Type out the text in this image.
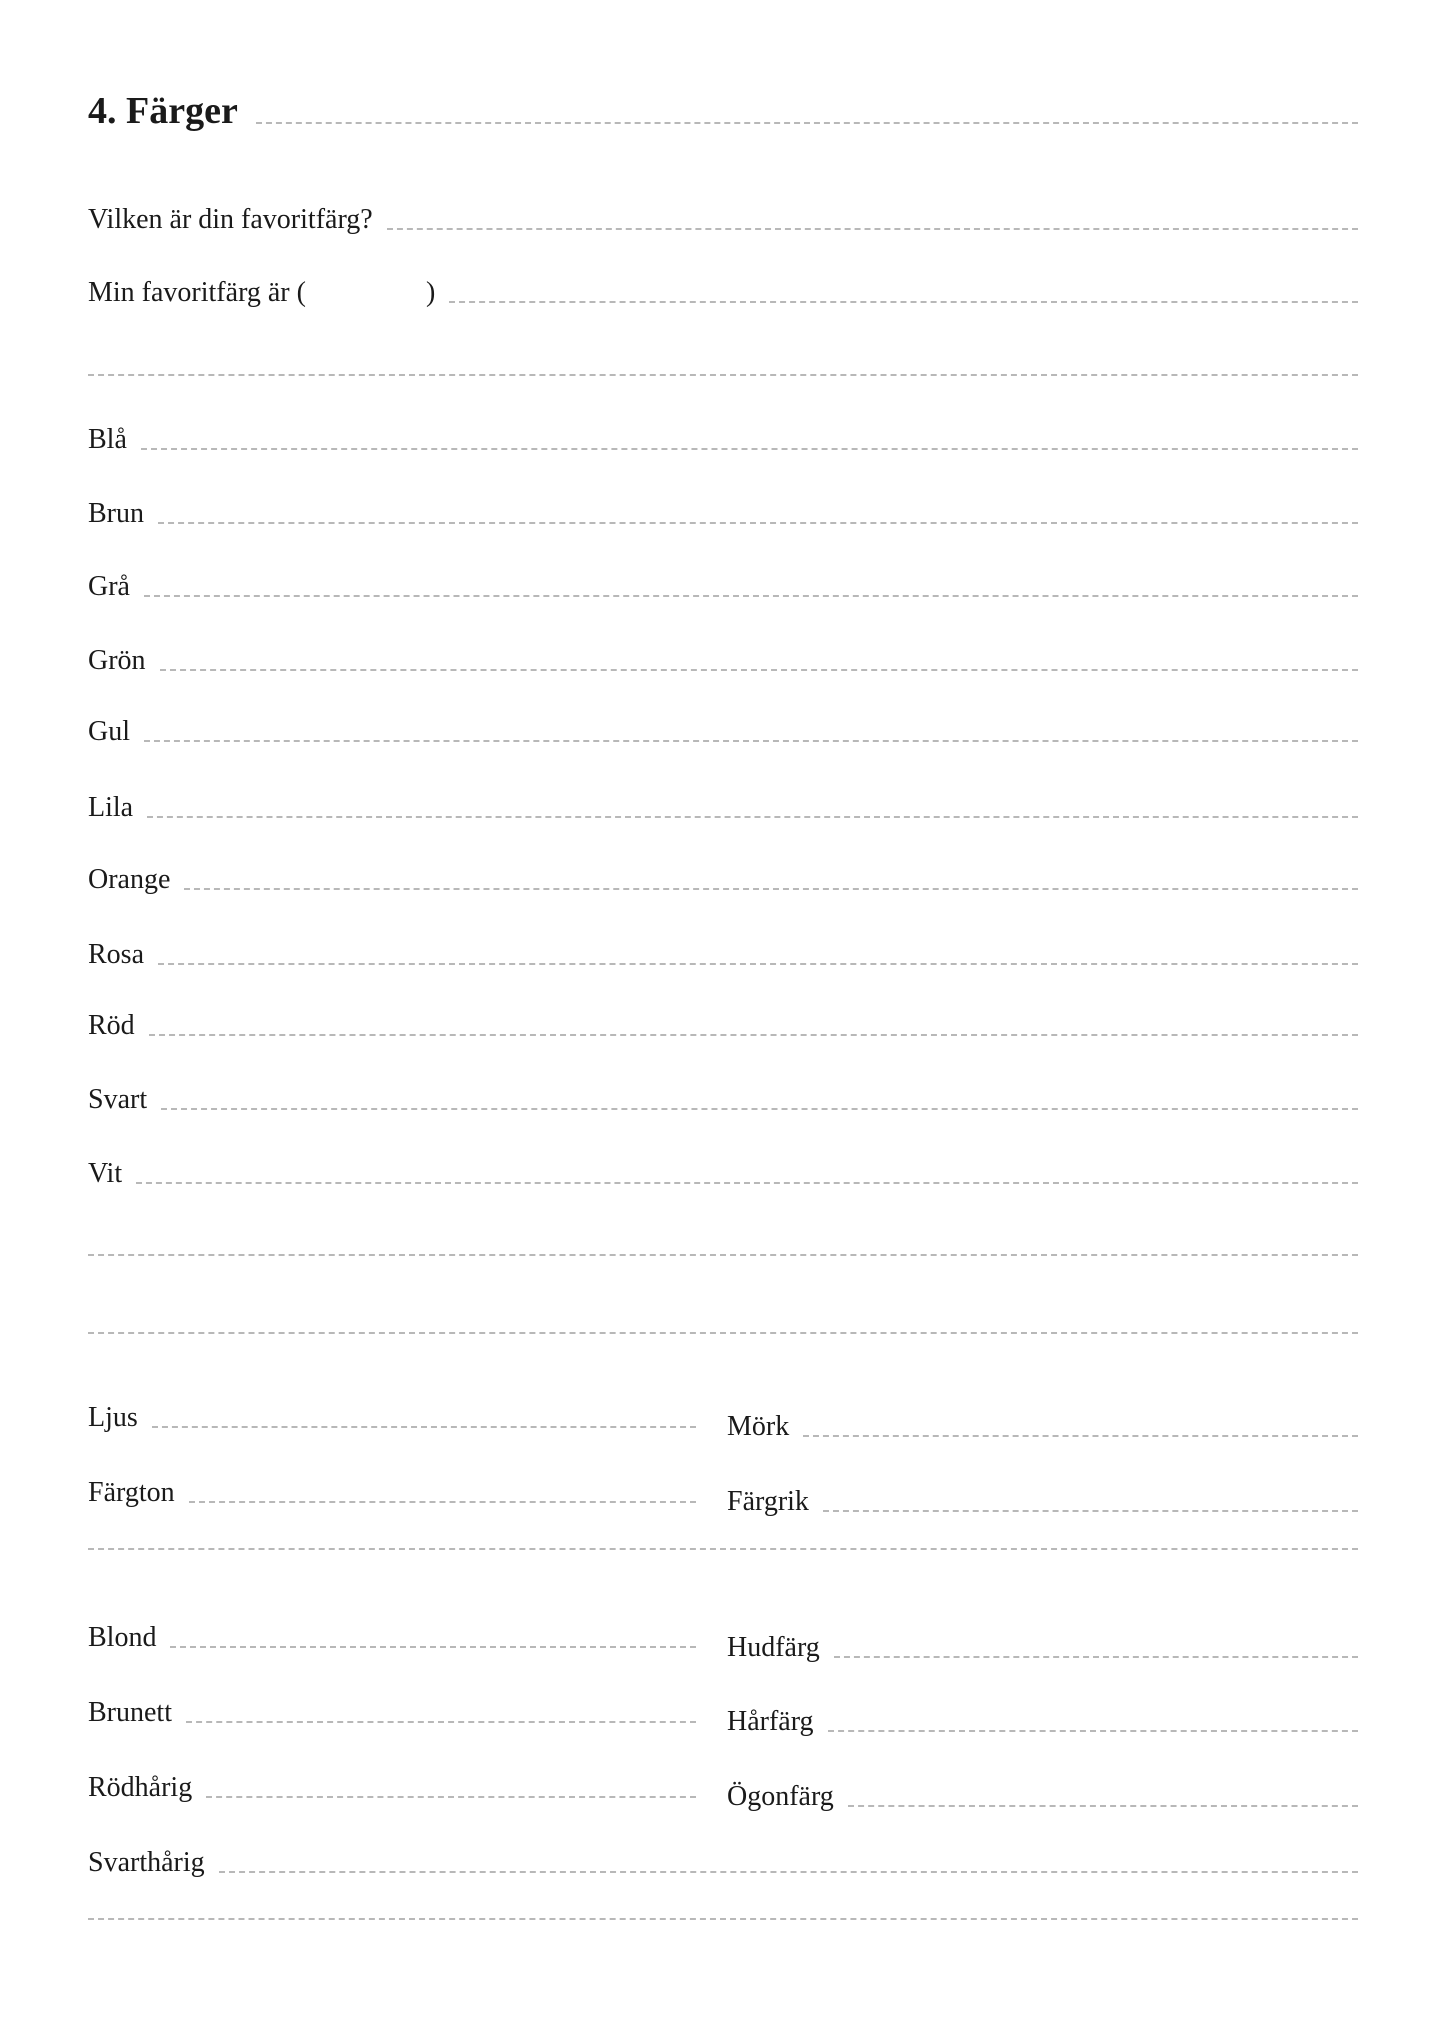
4. Färger
Vilken är din favoritfärg?
Min favoritfärg är (	)
Blå
Brun
Grå
Grön
Gul
Lila
Orange
Rosa
Röd
Svart
Vit
Ljus	Mörk
Färgton	Färgrik
Blond	Hudfärg
Brunett	Hårfärg
Rödhårig	Ögonfärg
Svarthårig
